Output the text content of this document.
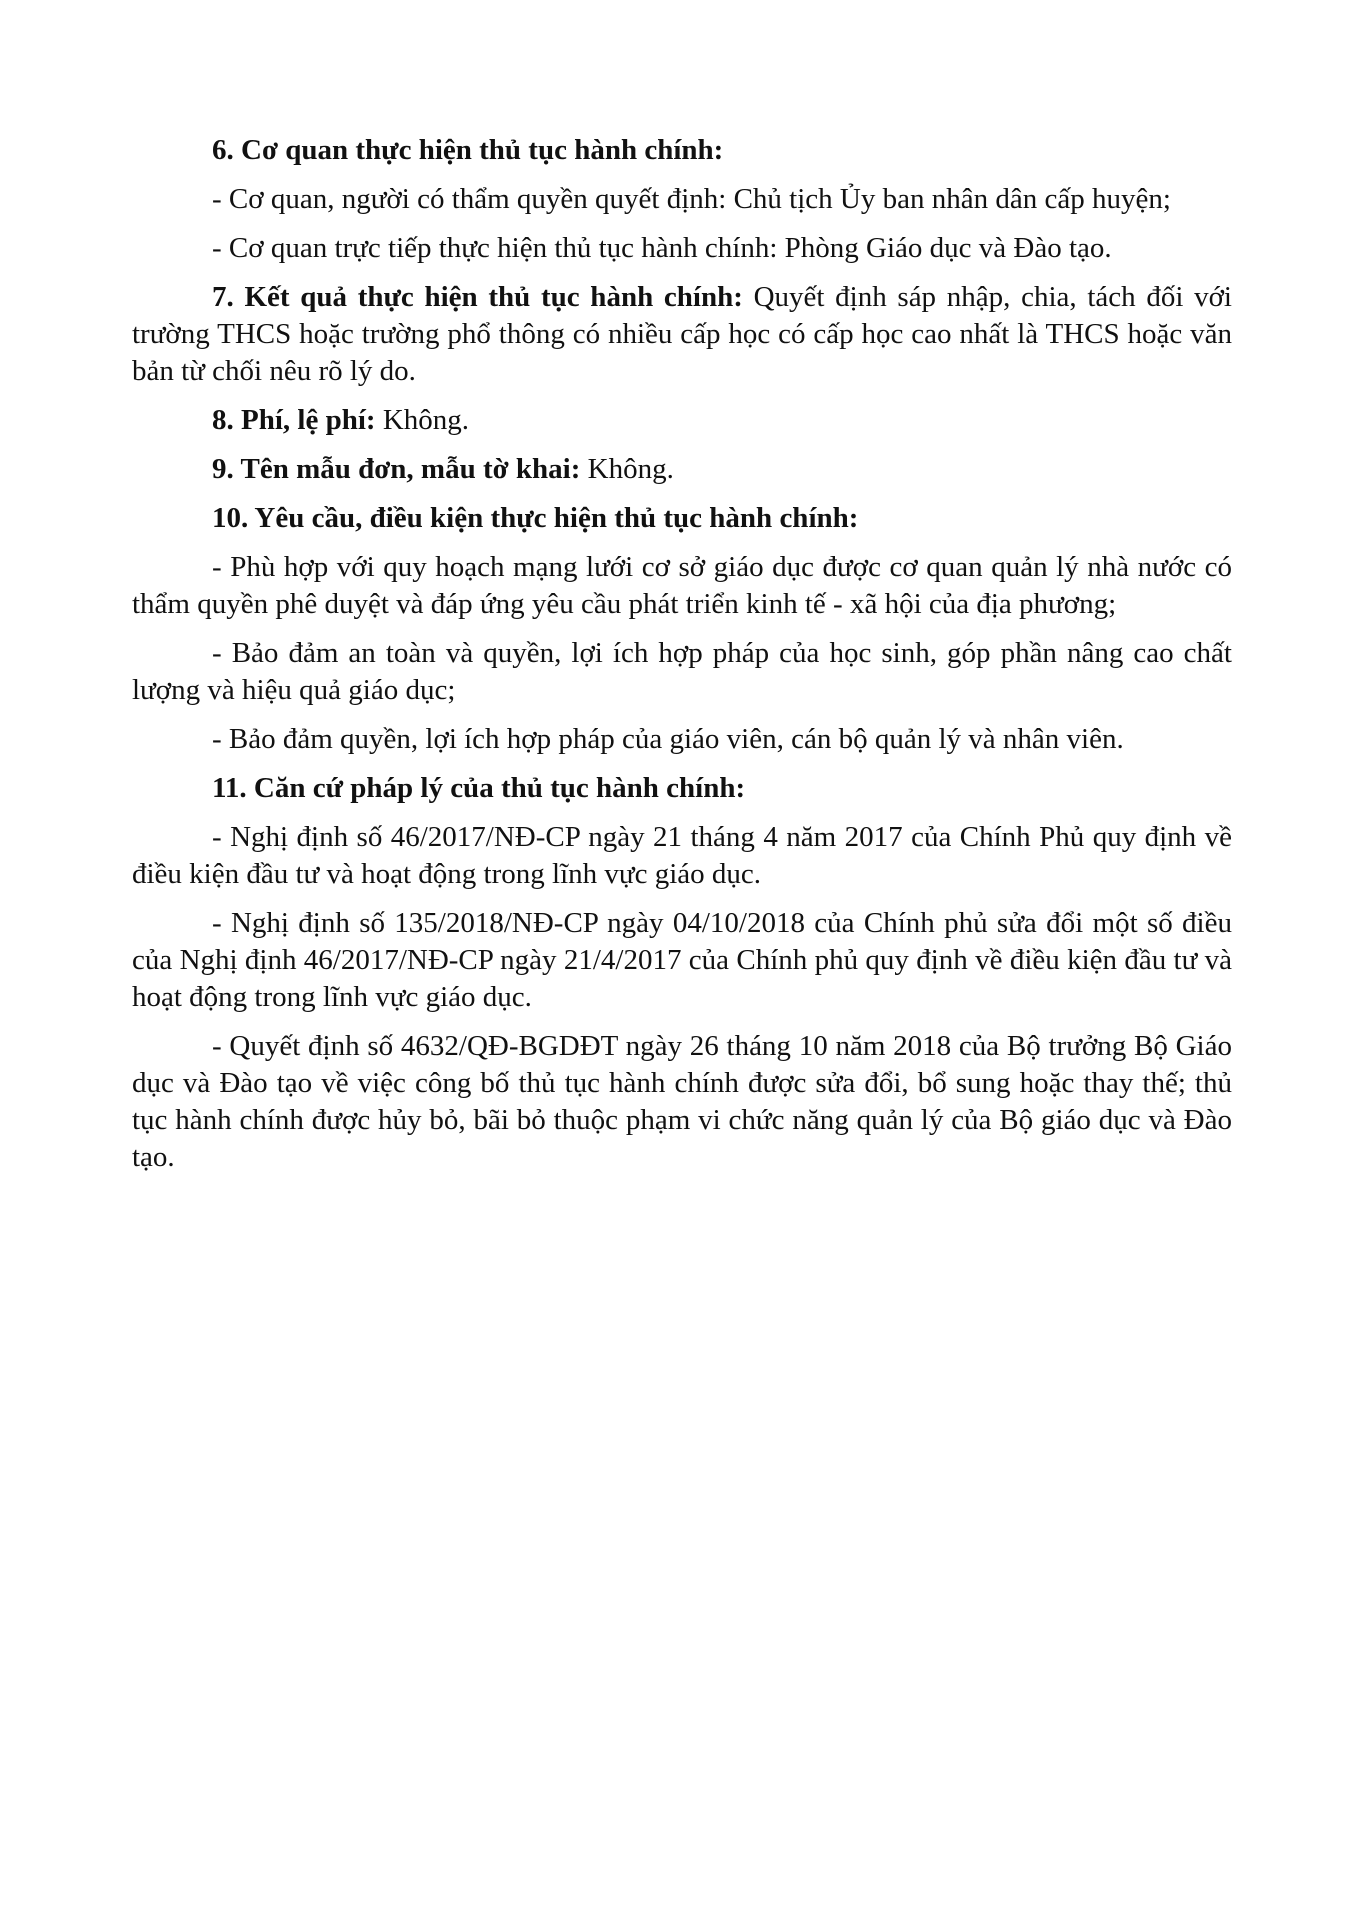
6. Cơ quan thực hiện thủ tục hành chính:

- Cơ quan, người có thẩm quyền quyết định: Chủ tịch Ủy ban nhân dân cấp huyện;

- Cơ quan trực tiếp thực hiện thủ tục hành chính: Phòng Giáo dục và Đào tạo.

7. Kết quả thực hiện thủ tục hành chính: Quyết định sáp nhập, chia, tách đối với trường THCS hoặc trường phổ thông có nhiều cấp học có cấp học cao nhất là THCS hoặc văn bản từ chối nêu rõ lý do.

8. Phí, lệ phí: Không.

9. Tên mẫu đơn, mẫu tờ khai: Không.

10. Yêu cầu, điều kiện thực hiện thủ tục hành chính:

- Phù hợp với quy hoạch mạng lưới cơ sở giáo dục được cơ quan quản lý nhà nước có thẩm quyền phê duyệt và đáp ứng yêu cầu phát triển kinh tế - xã hội của địa phương;

- Bảo đảm an toàn và quyền, lợi ích hợp pháp của học sinh, góp phần nâng cao chất lượng và hiệu quả giáo dục;

- Bảo đảm quyền, lợi ích hợp pháp của giáo viên, cán bộ quản lý và nhân viên.

11. Căn cứ pháp lý của thủ tục hành chính:

- Nghị định số 46/2017/NĐ-CP ngày 21 tháng 4 năm 2017 của Chính Phủ quy định về điều kiện đầu tư và hoạt động trong lĩnh vực giáo dục.

- Nghị định số 135/2018/NĐ-CP ngày 04/10/2018 của Chính phủ sửa đổi một số điều của Nghị định 46/2017/NĐ-CP ngày 21/4/2017 của Chính phủ quy định về điều kiện đầu tư và hoạt động trong lĩnh vực giáo dục.

- Quyết định số 4632/QĐ-BGDĐT ngày 26 tháng 10 năm 2018 của Bộ trưởng Bộ Giáo dục và Đào tạo về việc công bố thủ tục hành chính được sửa đổi, bổ sung hoặc thay thế; thủ tục hành chính được hủy bỏ, bãi bỏ thuộc phạm vi chức năng quản lý của Bộ giáo dục và Đào tạo.
